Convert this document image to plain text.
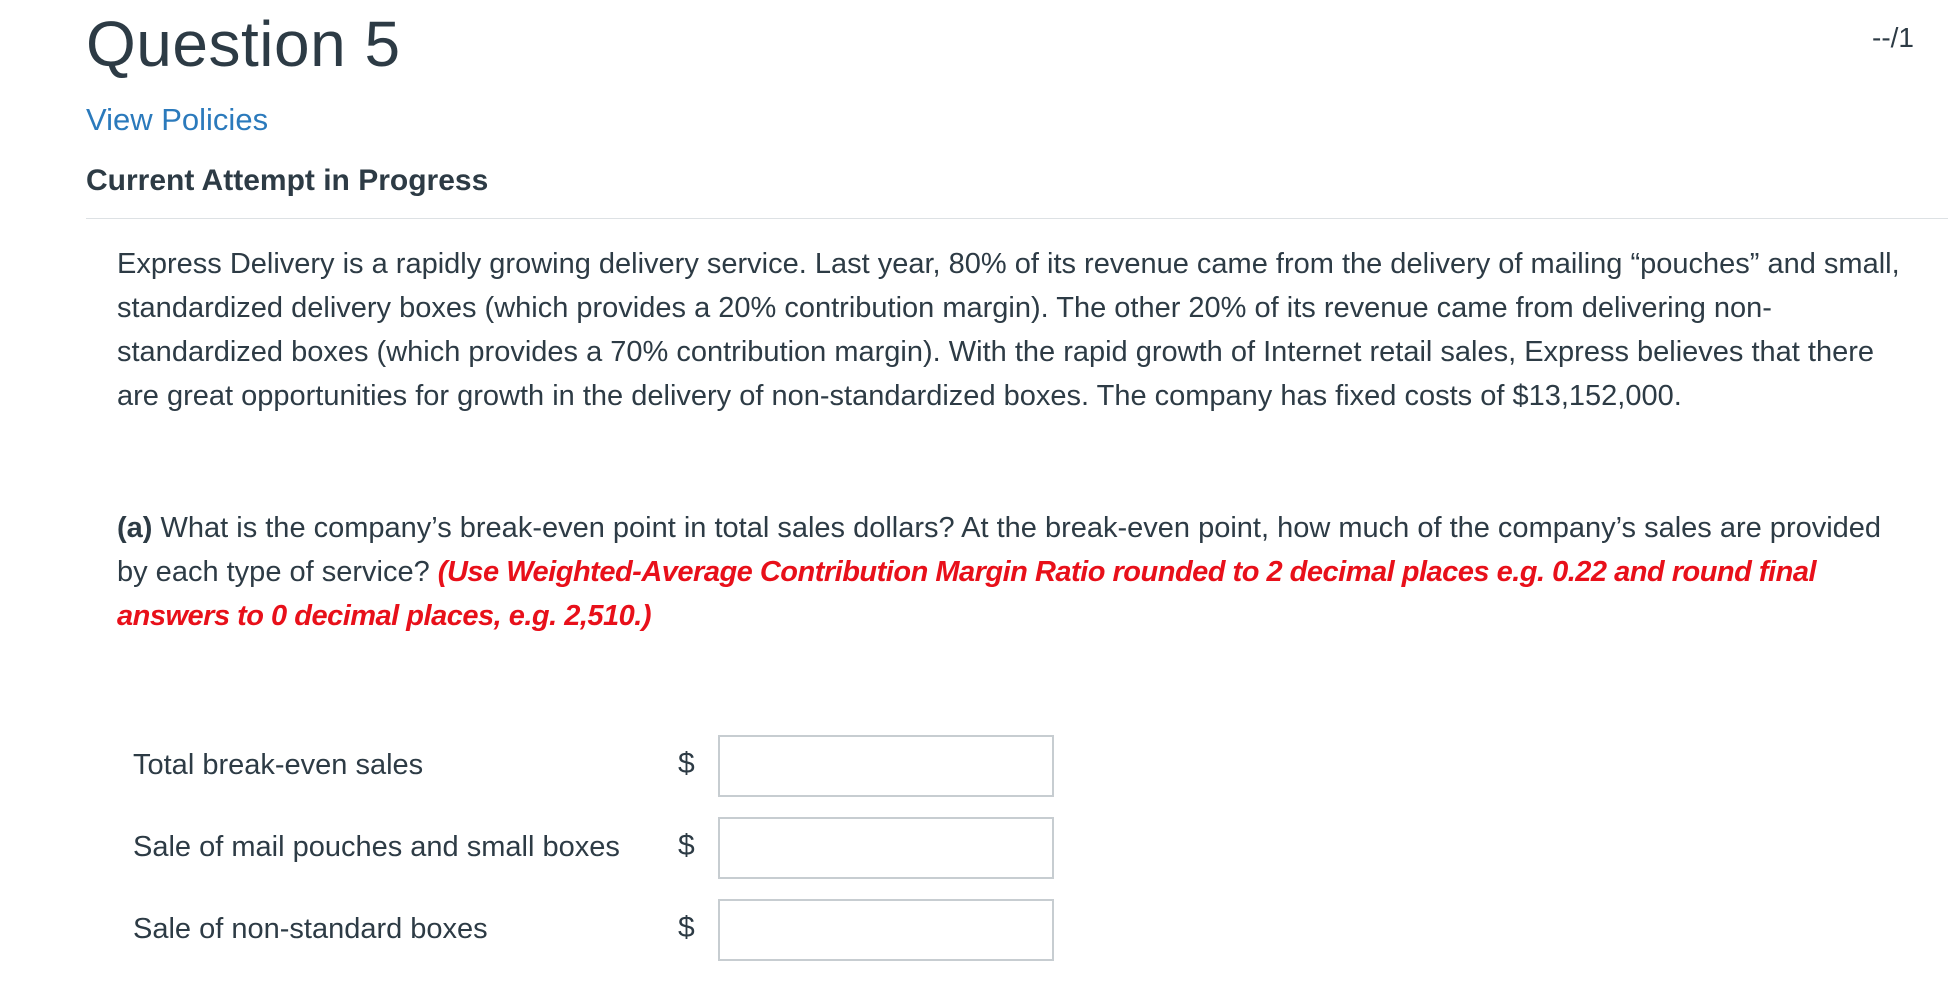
Question 5	--/1
View Policies
Current Attempt in Progress
Express Delivery is a rapidly growing delivery service. Last year, 80% of its revenue came from the delivery of mailing “pouches” and small, standardized delivery boxes (which provides a 20% contribution margin). The other 20% of its revenue came from delivering non-standardized boxes (which provides a 70% contribution margin). With the rapid growth of Internet retail sales, Express believes that there are great opportunities for growth in the delivery of non-standardized boxes. The company has fixed costs of $13,152,000.
(a) What is the company’s break-even point in total sales dollars? At the break-even point, how much of the company’s sales are provided by each type of service? (Use Weighted-Average Contribution Margin Ratio rounded to 2 decimal places e.g. 0.22 and round final answers to 0 decimal places, e.g. 2,510.)
Total break-even sales	$
Sale of mail pouches and small boxes $
Sale of non-standard boxes	$
